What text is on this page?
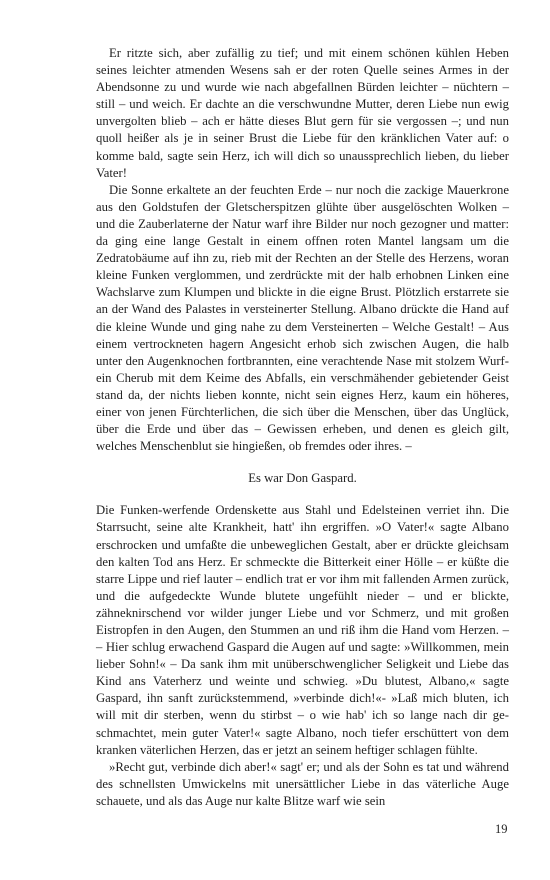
Er ritzte sich, aber zufällig zu tief; und mit einem schönen kühlen Heben seines leichter atmenden Wesens sah er der roten Quelle seines Armes in der Abendsonne zu und wurde wie nach abgefallnen Bürden leichter – nüchtern – still – und weich. Er dachte an die verschwundne Mutter, deren Liebe nun ewig unvergolten blieb – ach er hätte dieses Blut gern für sie vergossen –; und nun quoll heißer als je in seiner Brust die Liebe für den kränklichen Vater auf: o komme bald, sagte sein Herz, ich will dich so unaussprechlich lieben, du lieber Vater!

Die Sonne erkaltete an der feuchten Erde – nur noch die zackige Mauerkrone aus den Goldstufen der Gletscherspitzen glühte über ausgelöschten Wolken – und die Zauberlaterne der Natur warf ihre Bilder nur noch gezogner und matter: da ging eine lange Gestalt in einem offnen roten Mantel langsam um die Zedratobäume auf ihn zu, rieb mit der Rechten an der Stelle des Herzens, woran kleine Funken verglommen, und zerdrückte mit der halb erhobnen Linken eine Wachslarve zum Klumpen und blickte in die eigne Brust. Plötzlich erstarrete sie an der Wand des Palastes in versteinerter Stellung. Albano drückte die Hand auf die kleine Wunde und ging nahe zu dem Versteinerten – Welche Gestalt! – Aus einem vertrockneten hagern Angesicht erhob sich zwischen Augen, die halb unter den Augenknochen fortbrannten, eine verachtende Nase mit stolzem Wurf- ein Cherub mit dem Keime des Abfalls, ein verschmähender gebietender Geist stand da, der nichts lieben konnte, nicht sein eignes Herz, kaum ein höheres, einer von jenen Fürchterlichen, die sich über die Menschen, über das Unglück, über die Erde und über das – Gewissen erheben, und denen es gleich gilt, welches Menschenblut sie hingießen, ob fremdes oder ihres. –

Es war Don Gaspard.

Die Funken-werfende Ordenskette aus Stahl und Edelsteinen verriet ihn. Die Starrsucht, seine alte Krankheit, hatt' ihn ergriffen. »O Vater!« sagte Albano erschrocken und umfaßte die unbeweglichen Gestalt, aber er drückte gleichsam den kalten Tod ans Herz. Er schmeckte die Bitterkeit einer Hölle – er küßte die starre Lippe und rief lauter – endlich trat er vor ihm mit fallenden Armen zurück, und die aufgedeckte Wunde blutete ungefühlt nieder – und er blickte, zähneknirschend vor wilder junger Liebe und vor Schmerz, und mit großen Eistropfen in den Augen, den Stummen an und riß ihm die Hand vom Herzen. – – Hier schlug erwachend Gaspard die Augen auf und sagte: »Willkommen, mein lieber Sohn!« – Da sank ihm mit unüberschwenglicher Seligkeit und Liebe das Kind ans Vaterherz und weinte und schwieg. »Du blutest, Albano,« sagte Gaspard, ihn sanft zurückstemmend, »verbinde dich!«- »Laß mich bluten, ich will mit dir sterben, wenn du stirbst – o wie hab' ich so lange nach dir geschmachtet, mein guter Vater!« sagte Albano, noch tiefer erschüttert von dem kranken väterlichen Herzen, das er jetzt an seinem heftiger schlagen fühlte.

»Recht gut, verbinde dich aber!« sagt' er; und als der Sohn es tat und während des schnellsten Umwickelns mit unersättlicher Liebe in das väterliche Auge schauete, und als das Auge nur kalte Blitze warf wie sein

19
